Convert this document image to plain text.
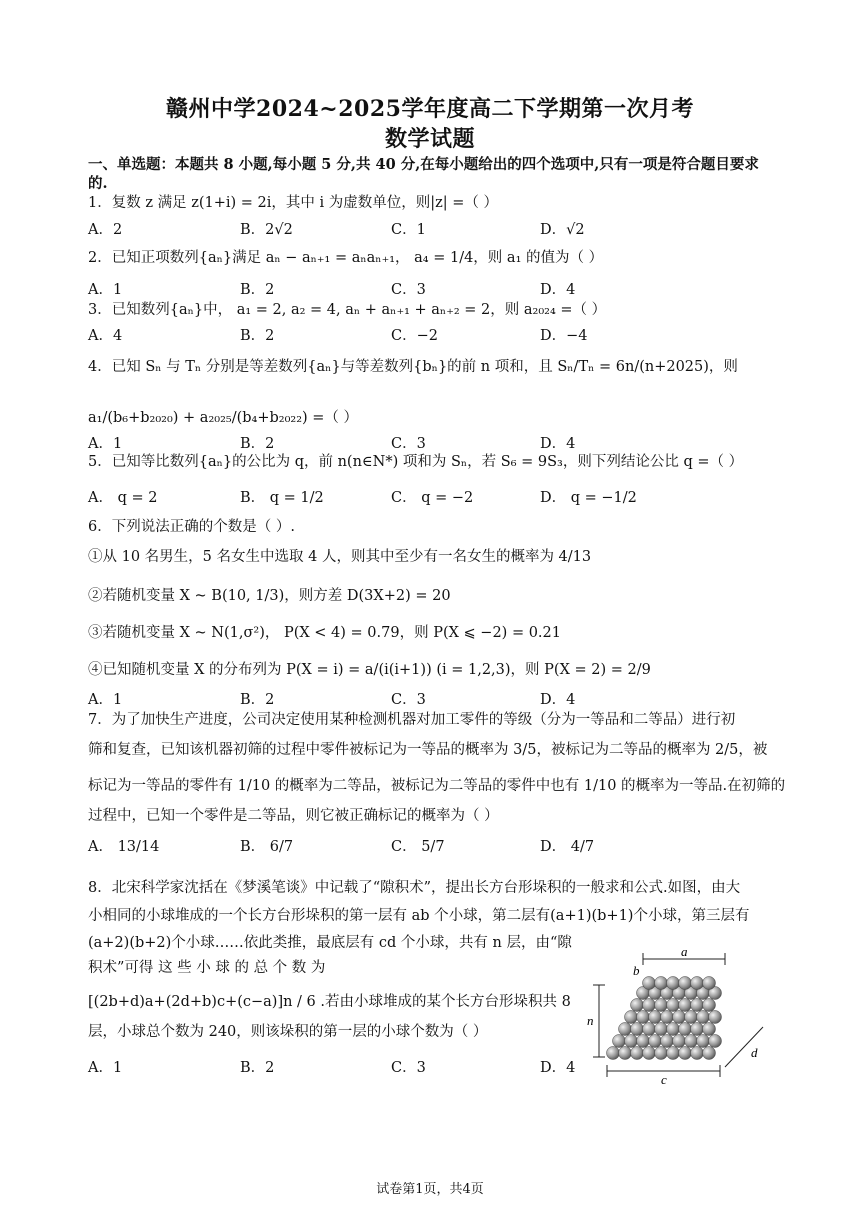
赣州中学2024~2025学年度高二下学期第一次月考
数学试题
一、单选题：本题共 8 小题,每小题 5 分,共 40 分,在每小题给出的四个选项中,只有一项是符合题目要求
的.
1．复数 z 满足 z(1+i) = 2i，其中 i 为虚数单位，则|z| =（ ）
A．2	B．2√2	C．1	D．√2
2．已知正项数列{aₙ}满足 aₙ − aₙ₊₁ = aₙaₙ₊₁， a₄ = 1/4，则 a₁ 的值为（ ）
A．1	B．2	C．3	D．4
3．已知数列{aₙ}中， a₁ = 2, a₂ = 4, aₙ + aₙ₊₁ + aₙ₊₂ = 2，则 a₂₀₂₄ =（ ）
A．4	B．2	C．−2	D．−4
4．已知 Sₙ 与 Tₙ 分别是等差数列{aₙ}与等差数列{bₙ}的前 n 项和，且 Sₙ/Tₙ = 6n/(n+2025)，则
a₁/(b₆+b₂₀₂₀) + a₂₀₂₅/(b₄+b₂₀₂₂) =（ ）
A．1	B．2	C．3	D．4
5．已知等比数列{aₙ}的公比为 q，前 n(n∈N*) 项和为 Sₙ，若 S₆ = 9S₃，则下列结论公比 q =（ ）
A． q = 2	B． q = 1/2	C． q = −2	D． q = −1/2
6．下列说法正确的个数是（ ）.
①从 10 名男生，5 名女生中选取 4 人，则其中至少有一名女生的概率为 4/13
②若随机变量 X ~ B(10, 1/3)，则方差 D(3X+2) = 20
③若随机变量 X ~ N(1,σ²)， P(X < 4) = 0.79，则 P(X ⩽ −2) = 0.21
④已知随机变量 X 的分布列为 P(X = i) = a/(i(i+1)) (i = 1,2,3)，则 P(X = 2) = 2/9
A．1	B．2	C．3	D．4
7．为了加快生产进度，公司决定使用某种检测机器对加工零件的等级（分为一等品和二等品）进行初
筛和复查，已知该机器初筛的过程中零件被标记为一等品的概率为 3/5，被标记为二等品的概率为 2/5，被
标记为一等品的零件有 1/10 的概率为二等品，被标记为二等品的零件中也有 1/10 的概率为一等品.在初筛的
过程中，已知一个零件是二等品，则它被正确标记的概率为（ ）
A． 13/14	B． 6/7	C． 5/7	D． 4/7
8．北宋科学家沈括在《梦溪笔谈》中记载了“隙积术”，提出长方台形垛积的一般求和公式.如图，由大
小相同的小球堆成的一个长方台形垛积的第一层有 ab 个小球，第二层有(a+1)(b+1)个小球，第三层有
(a+2)(b+2)个小球……依此类推，最底层有 cd 个小球，共有 n 层，由“隙
积术”可得 这 些 小 球 的 总 个 数 为
[(2b+d)a+(2d+b)c+(c−a)]n / 6 .若由小球堆成的某个长方台形垛积共 8
层，小球总个数为 240，则该垛积的第一层的小球个数为（ ）
A．1	B．2	C．3	D．4
a
b
n
c
d
试卷第1页，共4页
